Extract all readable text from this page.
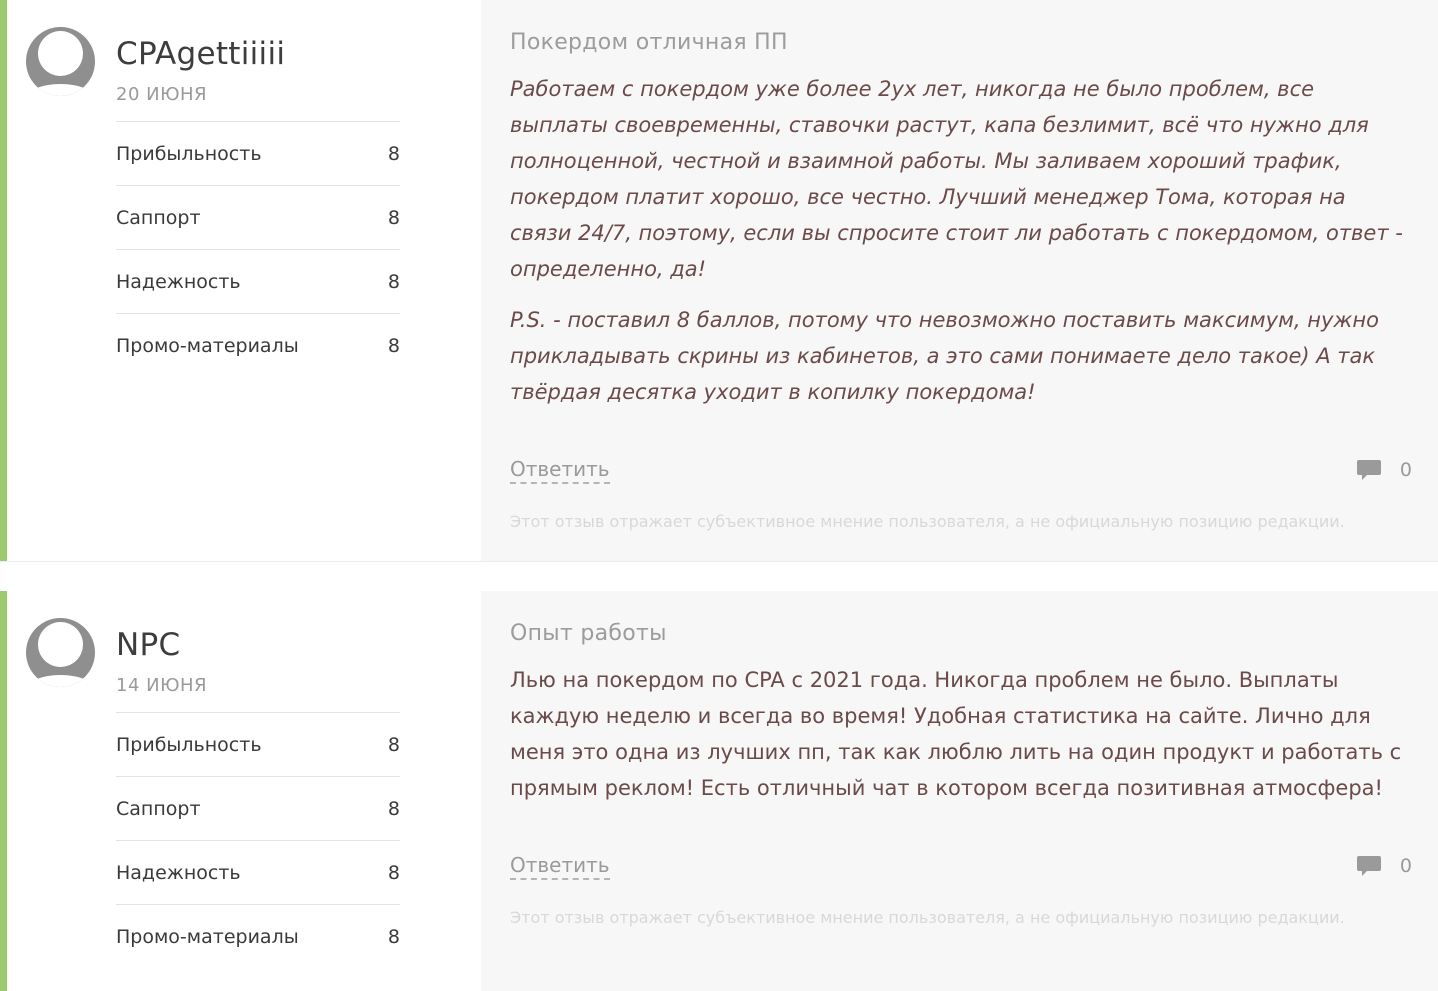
CPAgettiiiii
20 ИЮНЯ
Прибыльность	8
Саппорт	8
Надежность	8
Промо-материалы	8
Покердом отличная ПП

Работаем с покердом уже более 2ух лет, никогда не было проблем, все выплаты своевременны, ставочки растут, капа безлимит, всё что нужно для полноценной, честной и взаимной работы. Мы заливаем хороший трафик, покердом платит хорошо, все честно. Лучший менеджер Тома, которая на связи 24/7, поэтому, если вы спросите стоит ли работать с покердомом, ответ - определенно, да!

P.S. - поставил 8 баллов, потому что невозможно поставить максимум, нужно прикладывать скрины из кабинетов, а это сами понимаете дело такое) А так твёрдая десятка уходит в копилку покердома!

Ответить	0
Этот отзыв отражает субъективное мнение пользователя, а не официальную позицию редакции.
NPC
14 ИЮНЯ
Прибыльность	8
Саппорт	8
Надежность	8
Промо-материалы	8
Опыт работы

Лью на покердом по CPA с 2021 года. Никогда проблем не было. Выплаты каждую неделю и всегда во время! Удобная статистика на сайте. Лично для меня это одна из лучших пп, так как люблю лить на один продукт и работать с прямым реклом! Есть отличный чат в котором всегда позитивная атмосфера!

Ответить	0
Этот отзыв отражает субъективное мнение пользователя, а не официальную позицию редакции.
